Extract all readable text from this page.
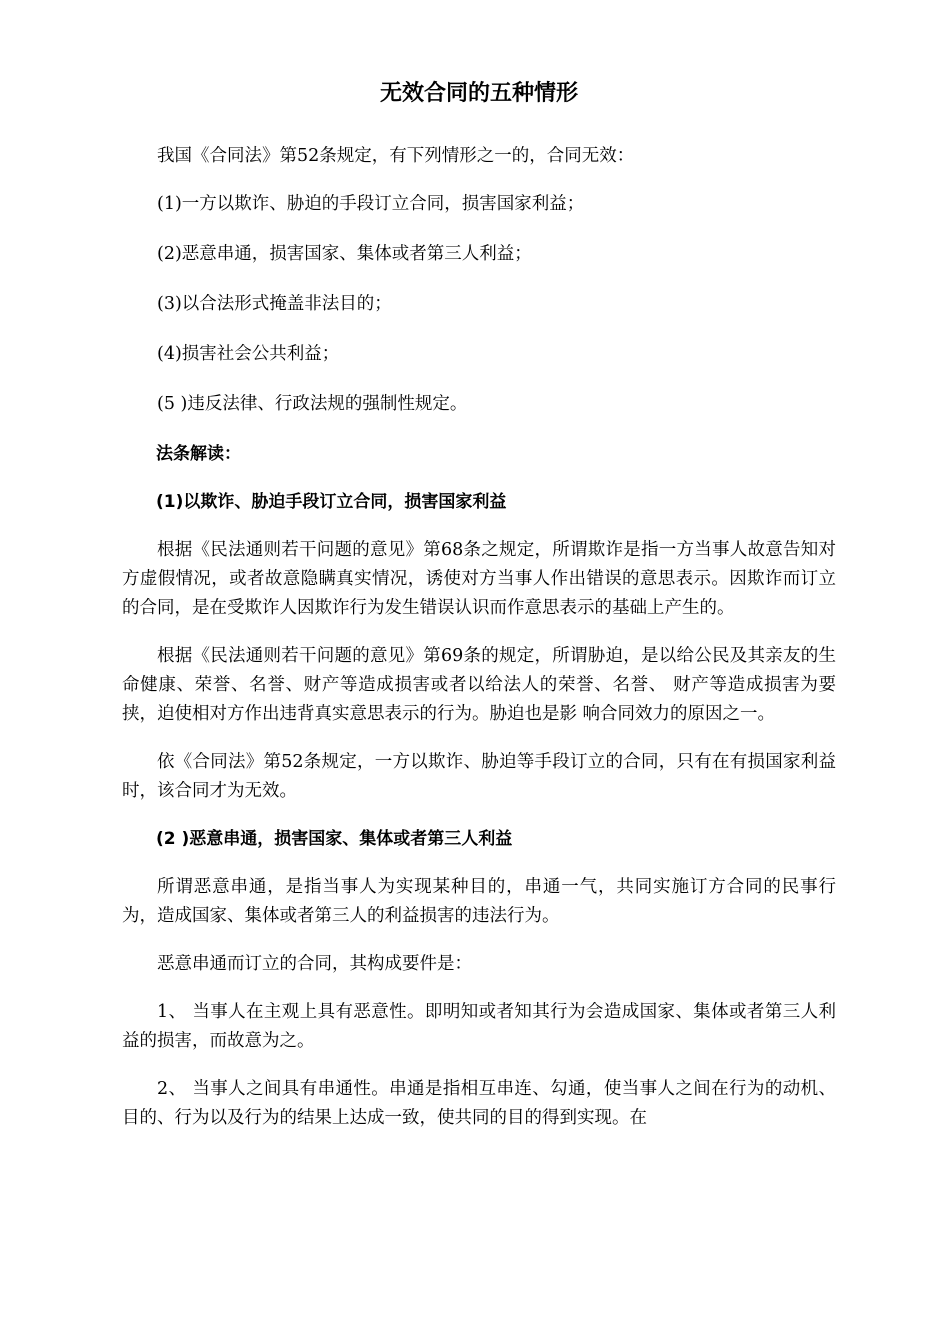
无效合同的五种情形
我国《合同法》第52条规定，有下列情形之一的，合同无效：
(1)一方以欺诈、胁迫的手段订立合同，损害国家利益；
(2)恶意串通，损害国家、集体或者第三人利益；
(3)以合法形式掩盖非法目的；
(4)损害社会公共利益；
(5 )违反法律、行政法规的强制性规定。
法条解读：
(1)以欺诈、胁迫手段订立合同，损害国家利益
根据《民法通则若干问题的意见》第68条之规定，所谓欺诈是指一方当事人故意告知对方虚假情况，或者故意隐瞒真实情况，诱使对方当事人作出错误的意思表示。因欺诈而订立的合同，是在受欺诈人因欺诈行为发生错误认识而作意思表示的基础上产生的。
根据《民法通则若干问题的意见》第69条的规定，所谓胁迫，是以给公民及其亲友的生命健康、荣誉、名誉、财产等造成损害或者以给法人的荣誉、名誉、 财产等造成损害为要挟，迫使相对方作出违背真实意思表示的行为。胁迫也是影 响合同效力的原因之一。
依《合同法》第52条规定，一方以欺诈、胁迫等手段订立的合同，只有在有损国家利益时，该合同才为无效。
(2 )恶意串通，损害国家、集体或者第三人利益
所谓恶意串通，是指当事人为实现某种目的，串通一气，共同实施订方合同的民事行为，造成国家、集体或者第三人的利益损害的违法行为。
恶意串通而订立的合同，其构成要件是：
1、 当事人在主观上具有恶意性。即明知或者知其行为会造成国家、集体或者第三人利益的损害，而故意为之。
2、 当事人之间具有串通性。串通是指相互串连、勾通，使当事人之间在行为的动机、目的、行为以及行为的结果上达成一致，使共同的目的得到实现。在
